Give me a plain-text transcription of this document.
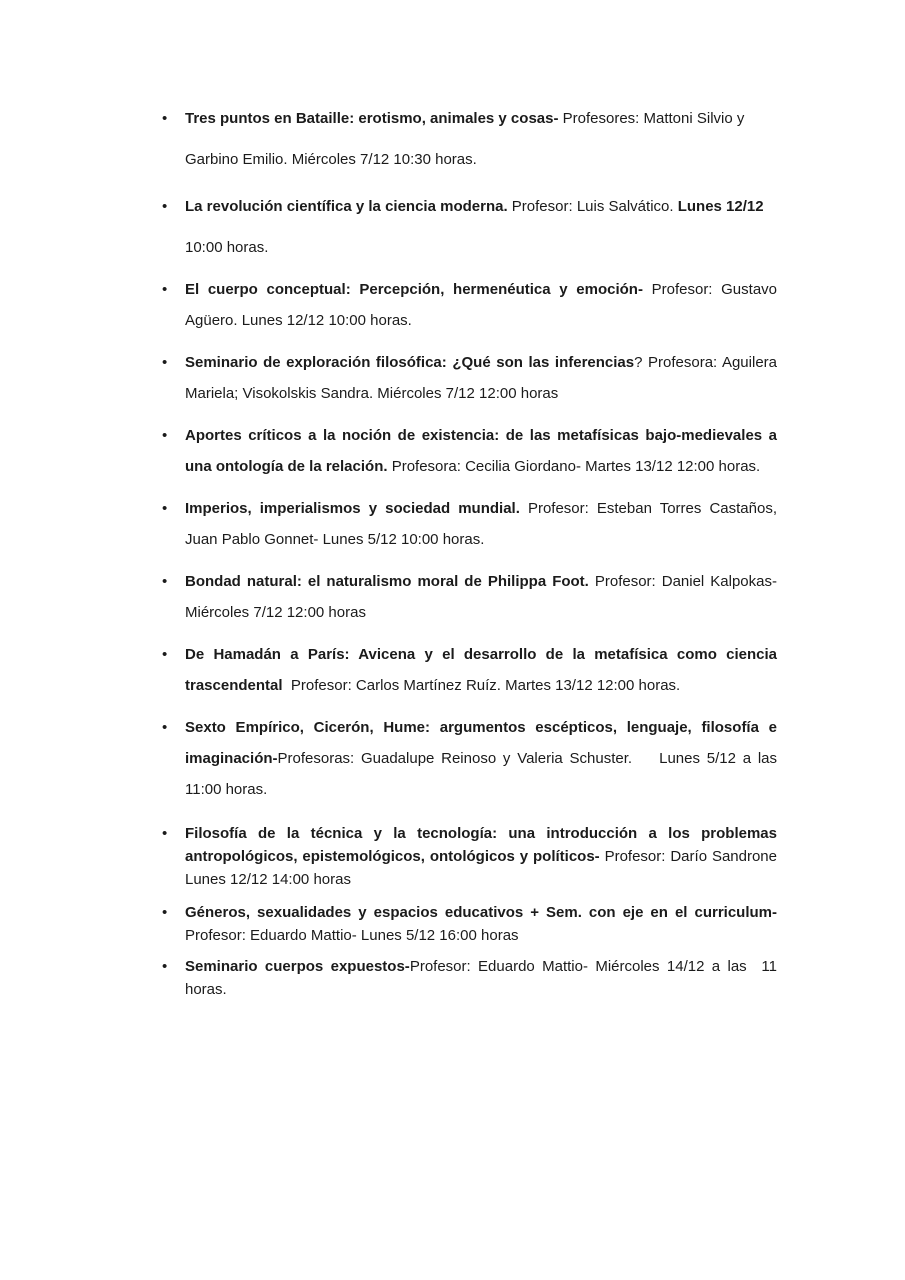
• Tres puntos en Bataille: erotismo, animales y cosas- Profesores: Mattoni Silvio y
Garbino Emilio. Miércoles 7/12 10:30 horas.
• La revolución científica y la ciencia moderna. Profesor: Luis Salvático. Lunes 12/12
10:00 horas.
• El cuerpo conceptual: Percepción, hermenéutica y emoción- Profesor: Gustavo Agüero. Lunes 12/12 10:00 horas.
• Seminario de exploración filosófica: ¿Qué son las inferencias? Profesora: Aguilera Mariela; Visokolskis Sandra. Miércoles 7/12 12:00 horas
• Aportes críticos a la noción de existencia: de las metafísicas bajo-medievales a una ontología de la relación. Profesora: Cecilia Giordano- Martes 13/12 12:00 horas.
• Imperios, imperialismos y sociedad mundial. Profesor: Esteban Torres Castaños, Juan Pablo Gonnet- Lunes 5/12 10:00 horas.
• Bondad natural: el naturalismo moral de Philippa Foot. Profesor: Daniel Kalpokas- Miércoles 7/12 12:00 horas
• De Hamadán a París: Avicena y el desarrollo de la metafísica como ciencia trascendental  Profesor: Carlos Martínez Ruíz. Martes 13/12 12:00 horas.
• Sexto Empírico, Cicerón, Hume: argumentos escépticos, lenguaje, filosofía e imaginación-Profesoras: Guadalupe Reinoso y Valeria Schuster.    Lunes 5/12 a las 11:00 horas.
• Filosofía de la técnica y la tecnología: una introducción a los problemas antropológicos, epistemológicos, ontológicos y políticos- Profesor: Darío Sandrone Lunes 12/12 14:00 horas
• Géneros, sexualidades y espacios educativos + Sem. con eje en el curriculum- Profesor: Eduardo Mattio- Lunes 5/12 16:00 horas
• Seminario cuerpos expuestos-Profesor: Eduardo Mattio- Miércoles 14/12 a las  11 horas.
